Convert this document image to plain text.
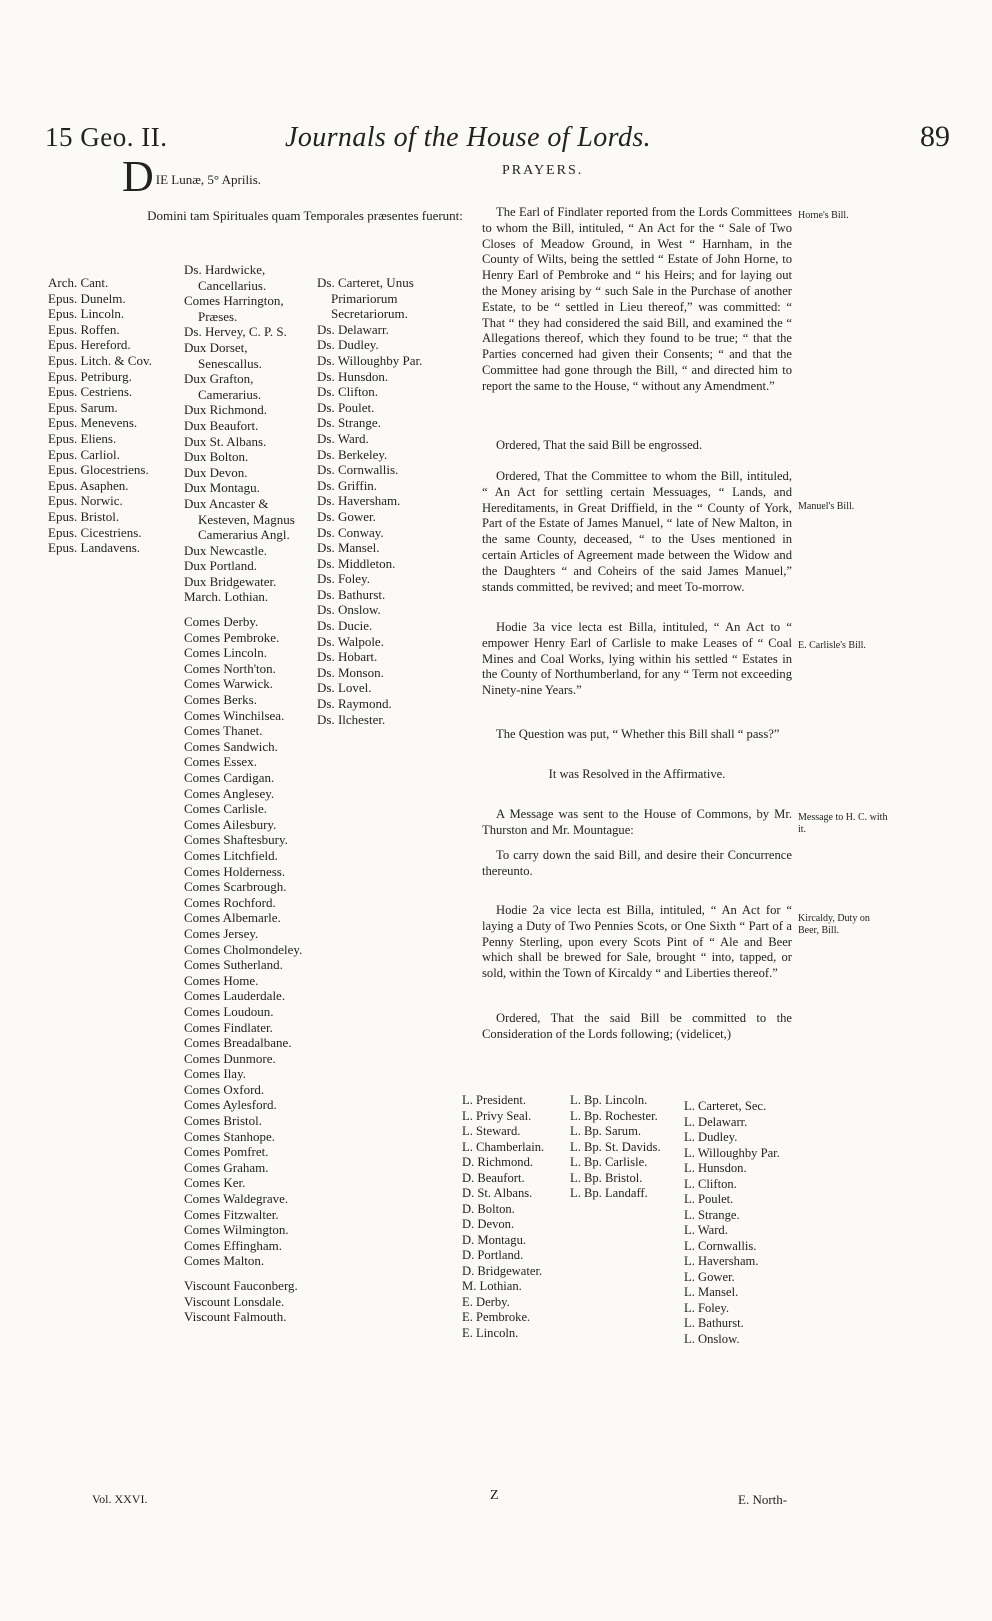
15 Geo. II.	Journals of the House of Lords.	89
D IE Lunæ, 5° Aprilis.
Domini tam Spirituales quam Temporales præsentes fuerunt:
Arch. Cant.
Epus. Dunelm.
Epus. Lincoln.
Epus. Roffen.
Epus. Hereford.
Epus. Litch. & Cov.
Epus. Petriburg.
Epus. Cestriens.
Epus. Sarum.
Epus. Menevens.
Epus. Eliens.
Epus. Carliol.
Epus. Glocestriens.
Epus. Asaphen.
Epus. Norwic.
Epus. Bristol.
Epus. Cicestriens.
Epus. Landavens.
Ds. Hardwicke, Cancellarius.
Comes Harrington, Præses.
Ds. Hervey, C. P. S.
Dux Dorset, Senescallus.
Dux Grafton, Camerarius.
Dux Richmond.
Dux Beaufort.
Dux St. Albans.
Dux Bolton.
Dux Devon.
Dux Montagu.
Dux Ancaster & Kesteven, Magnus Camerarius Angl.
Dux Newcastle.
Dux Portland.
Dux Bridgewater.
March. Lothian.
Comes Derby.
Comes Pembroke.
Comes Lincoln.
Comes North'ton.
Comes Warwick.
Comes Berks.
Comes Winchilsea.
Comes Thanet.
Comes Sandwich.
Comes Essex.
Comes Cardigan.
Comes Anglesey.
Comes Carlisle.
Comes Ailesbury.
Comes Shaftesbury.
Comes Litchfield.
Comes Holderness.
Comes Scarbrough.
Comes Rochford.
Comes Albemarle.
Comes Jersey.
Comes Cholmondeley.
Comes Sutherland.
Comes Home.
Comes Lauderdale.
Comes Loudoun.
Comes Findlater.
Comes Breadalbane.
Comes Dunmore.
Comes Ilay.
Comes Oxford.
Comes Aylesford.
Comes Bristol.
Comes Stanhope.
Comes Pomfret.
Comes Graham.
Comes Ker.
Comes Waldegrave.
Comes Fitzwalter.
Comes Wilmington.
Comes Effingham.
Comes Malton.
Viscount Fauconberg.
Viscount Lonsdale.
Viscount Falmouth.
Ds. Carteret, Unus Primariorum Secretariorum.
Ds. Delawarr.
Ds. Dudley.
Ds. Willoughby Par.
Ds. Hunsdon.
Ds. Clifton.
Ds. Poulet.
Ds. Strange.
Ds. Ward.
Ds. Berkeley.
Ds. Cornwallis.
Ds. Griffin.
Ds. Haversham.
Ds. Gower.
Ds. Conway.
Ds. Mansel.
Ds. Middleton.
Ds. Foley.
Ds. Bathurst.
Ds. Onslow.
Ds. Ducie.
Ds. Walpole.
Ds. Hobart.
Ds. Monson.
Ds. Lovel.
Ds. Raymond.
Ds. Ilchester.
PRAYERS.

The Earl of Findlater reported from the Lords Committees to whom the Bill, intituled, “ An Act for the “ Sale of Two Closes of Meadow Ground, in West “ Harnham, in the County of Wilts, being the settled “ Estate of John Horne, to Henry Earl of Pembroke and “ his Heirs; and for laying out the Money arising by “ such Sale in the Purchase of another Estate, to be “ settled in Lieu thereof,” was committed: “ That “ they had considered the said Bill, and examined the “ Allegations thereof, which they found to be true; “ that the Parties concerned had given their Consents; “ and that the Committee had gone through the Bill, “ and directed him to report the same to the House, “ without any Amendment.”

Ordered, That the said Bill be engrossed.

Ordered, That the Committee to whom the Bill, intituled, “ An Act for settling certain Messuages, “ Lands, and Hereditaments, in Great Driffield, in the “ County of York, Part of the Estate of James Manuel, “ late of New Malton, in the same County, deceased, “ to the Uses mentioned in certain Articles of Agreement made between the Widow and the Daughters “ and Coheirs of the said James Manuel,” stands committed, be revived; and meet To-morrow.

Hodie 3a vice lecta est Billa, intituled, “ An Act to “ empower Henry Earl of Carlisle to make Leases of “ Coal Mines and Coal Works, lying within his settled “ Estates in the County of Northumberland, for any “ Term not exceeding Ninety-nine Years.”

The Question was put, “ Whether this Bill shall “ pass?”

It was Resolved in the Affirmative.

A Message was sent to the House of Commons, by Mr. Thurston and Mr. Mountague:

To carry down the said Bill, and desire their Concurrence thereunto.

Hodie 2a vice lecta est Billa, intituled, “ An Act for “ laying a Duty of Two Pennies Scots, or One Sixth “ Part of a Penny Sterling, upon every Scots Pint of “ Ale and Beer which shall be brewed for Sale, brought “ into, tapped, or sold, within the Town of Kircaldy “ and Liberties thereof.”

Ordered, That the said Bill be committed to the Consideration of the Lords following; (videlicet,)

Horne's Bill.
Manuel's Bill.
E. Carlisle's Bill.
Message to H. C. with it.
Kircaldy, Duty on Beer, Bill.
L. President.
L. Privy Seal.
L. Steward.
L. Chamberlain.
D. Richmond.
D. Beaufort.
D. St. Albans.
D. Bolton.
D. Devon.
D. Montagu.
D. Portland.
D. Bridgewater.
M. Lothian.
E. Derby.
E. Pembroke.
E. Lincoln.
L. Bp. Lincoln.
L. Bp. Rochester.
L. Bp. Sarum.
L. Bp. St. Davids.
L. Bp. Carlisle.
L. Bp. Bristol.
L. Bp. Landaff.
L. Carteret, Sec.
L. Delawarr.
L. Dudley.
L. Willoughby Par.
L. Hunsdon.
L. Clifton.
L. Poulet.
L. Strange.
L. Ward.
L. Cornwallis.
L. Haversham.
L. Gower.
L. Mansel.
L. Foley.
L. Bathurst.
L. Onslow.
Vol. XXVI.	Z	E. North-
